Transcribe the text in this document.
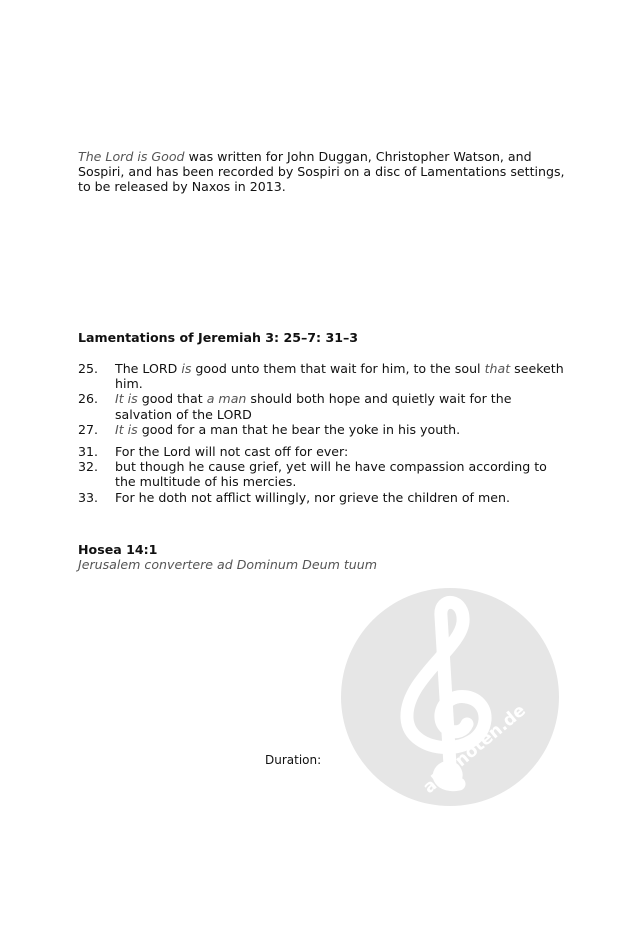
alle-noten.de
The Lord is Good was written for John Duggan, Christopher Watson, and Sospiri, and has been recorded by Sospiri on a disc of Lamentations settings, to be released by Naxos in 2013.
Lamentations of Jeremiah 3: 25–7: 31–3
25.	The LORD is good unto them that wait for him, to the soul that seeketh him.
26.	It is good that a man should both hope and quietly wait for the salvation of the LORD
27.	It is good for a man that he bear the yoke in his youth.
31.	For the Lord will not cast off for ever:
32.	but though he cause grief, yet will he have compassion according to the multitude of his mercies.
33.	For he doth not afflict willingly, nor grieve the children of men.
Hosea 14:1
Jerusalem convertere ad Dominum Deum tuum
Duration:
